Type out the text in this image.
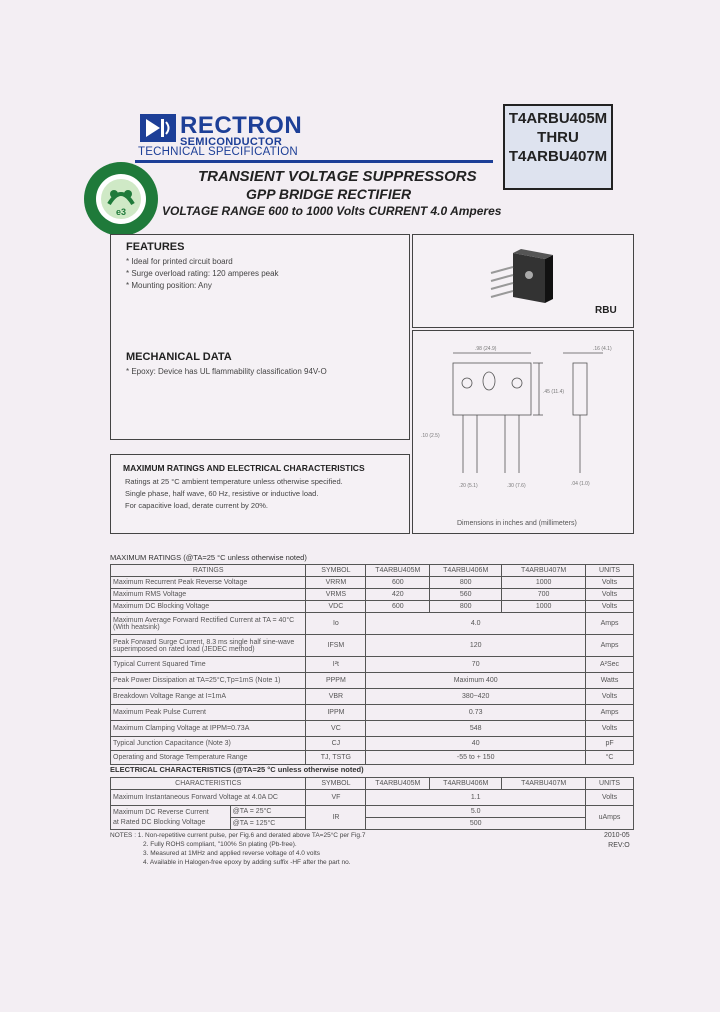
RECTRON
SEMICONDUCTOR
TECHNICAL SPECIFICATION
T4ARBU405M
THRU
T4ARBU407M
e3
TRANSIENT VOLTAGE SUPPRESSORS
GPP BRIDGE RECTIFIER
VOLTAGE RANGE 600 to 1000 Volts CURRENT 4.0 Amperes
FEATURES
* Ideal for printed circuit board
* Surge overload rating: 120 amperes peak
* Mounting position: Any
MECHANICAL DATA
* Epoxy: Device has UL flammability classification 94V-O
RBU
.98 (24.9)
.10 (2.5)
.20 (5.1)	.30 (7.6)
.45 (11.4)
.16 (4.1)
.04 (1.0)
Dimensions in inches and (millimeters)
MAXIMUM RATINGS AND ELECTRICAL CHARACTERISTICS
Ratings at 25 °C ambient temperature unless otherwise specified.
Single phase, half wave, 60 Hz, resistive or inductive load.
For capacitive load, derate current by 20%.
MAXIMUM RATINGS (@TA=25 °C unless otherwise noted)
RATINGS	SYMBOL	T4ARBU405M	T4ARBU406M	T4ARBU407M	UNITS
Maximum Recurrent Peak Reverse Voltage	VRRM	600	800	1000	Volts
Maximum RMS Voltage	VRMS	420	560	700	Volts
Maximum DC Blocking Voltage	VDC	600	800	1000	Volts
Maximum Average Forward Rectified Current at TA = 40°C (With heatsink)	Io	4.0			Amps
Peak Forward Surge Current, 8.3 ms single half sine-wave superimposed on rated load (JEDEC method)	IFSM	120			Amps
Typical Current Squared Time	I²t	70			A²Sec
Peak Power Dissipation at TA=25°C,Tp=1mS (Note 1)	PPPM	Maximum 400			Watts
Breakdown Voltage Range at I=1mA	VBR	380~420			Volts
Maximum Peak Pulse Current	IPPM	0.73			Amps
Maximum Clamping Voltage at IPPM=0.73A	VC	548			Volts
Typical Junction Capacitance (Note 3)	CJ	40			pF
Operating and Storage Temperature Range	TJ, TSTG	-55 to + 150			°C
ELECTRICAL CHARACTERISTICS (@TA=25 °C unless otherwise noted)
CHARACTERISTICS		SYMBOL	T4ARBU405M	T4ARBU406M	T4ARBU407M	UNITS
Maximum Instantaneous Forward Voltage at 4.0A DC		VF	1.1			Volts
Maximum DC Reverse Current
at Rated DC Blocking Voltage	@TA = 25°C	IR	5.0			uAmps
	@TA = 125°C		500			
NOTES : 1. Non-repetitive current pulse, per Fig.6 and derated above TA=25°C per Fig.7
2. Fully ROHS compliant, "100% Sn plating (Pb-free).
3. Measured at 1MHz and applied reverse voltage of 4.0 volts
4. Available in Halogen-free epoxy by adding suffix -HF after the part no.
2010-05
REV:O
